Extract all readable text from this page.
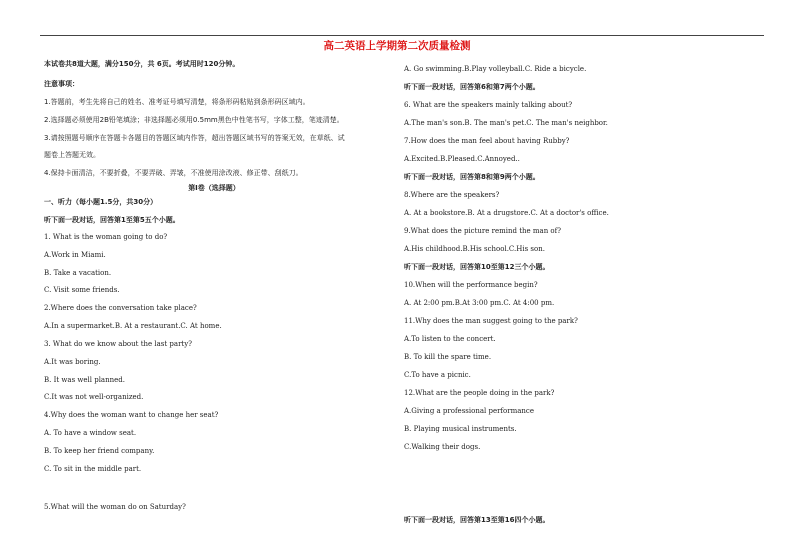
高二英语上学期第二次质量检测
本试卷共8道大题，满分150分，共 6页。考试用时120分钟。
注意事项：
1.答题前，考生先将自己的姓名、准考证号填写清楚，将条形码粘贴到条形码区域内。
2.选择题必须使用2B铅笔填涂；非选择题必须用0.5mm黑色中性笔书写，字体工整，笔迹清楚。
3.请按照题号顺序在答题卡各题目的答题区域内作答，超出答题区域书写的答案无效，在草纸、试
题卷上答题无效。
4.保持卡面清洁，不要折叠，不要弄破、弄皱，不准使用涂改液、修正带、刮纸刀。
第Ⅰ卷（选择题）
一、听力（每小题1.5分，共30分）
听下面一段对话，回答第1至第5五个小题。
1. What is the woman going to do?
A.Work in Miami.
B. Take a vacation.
C. Visit some friends.
2.Where does the conversation take place?
A.In a supermarket.B. At a restaurant.C. At home.
3. What do we know about the last party?
A.It was boring.
B. It was well planned.
C.It was not well-organized.
4.Why does the woman want to change her seat?
A. To have a window seat.
B. To keep her friend company.
C. To sit in the middle part.
5.What will the woman do on Saturday?
A. Go swimming.B.Play volleyball.C. Ride a bicycle.
听下面一段对话，回答第6和第7两个小题。
6. What are the speakers mainly talking about?
A.The man's son.B. The man's pet.C. The man's neighbor.
7.How does the man feel about having Rubby?
A.Excited.B.Pleased.C.Annoyed..
听下面一段对话，回答第8和第9两个小题。
8.Where are the speakers?
A. At a bookstore.B. At a drugstore.C. At a doctor's office.
9.What does the picture remind the man of?
A.His childhood.B.His school.C.His son.
听下面一段对话，回答第10至第12三个小题。
10.When will the performance begin?
A. At 2:00 pm.B.At 3:00 pm.C. At 4:00 pm.
11.Why does the man suggest going to the park?
A.To listen to the concert.
B. To kill the spare time.
C.To have a picnic.
12.What are the people doing in the park?
A.Giving a professional performance
B. Playing musical instruments.
C.Walking their dogs.
听下面一段对话，回答第13至第16四个小题。
